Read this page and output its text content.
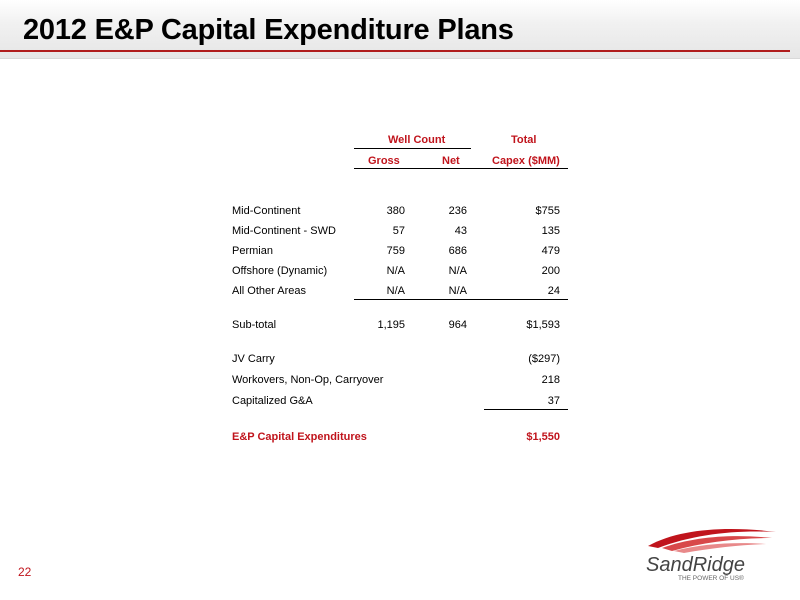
2012 E&P Capital Expenditure Plans
Well Count	Total
Gross	Net	Capex ($MM)
Mid-Continent	380	236	$755
Mid-Continent - SWD	57	43	135
Permian	759	686	479
Offshore (Dynamic)	N/A	N/A	200
All Other Areas	N/A	N/A	24
Sub-total	1,195	964	$1,593
JV Carry	($297)
Workovers, Non-Op, Carryover	218
Capitalized G&A	37
E&P Capital Expenditures	$1,550
22	SandRidge
THE POWER OF US®
